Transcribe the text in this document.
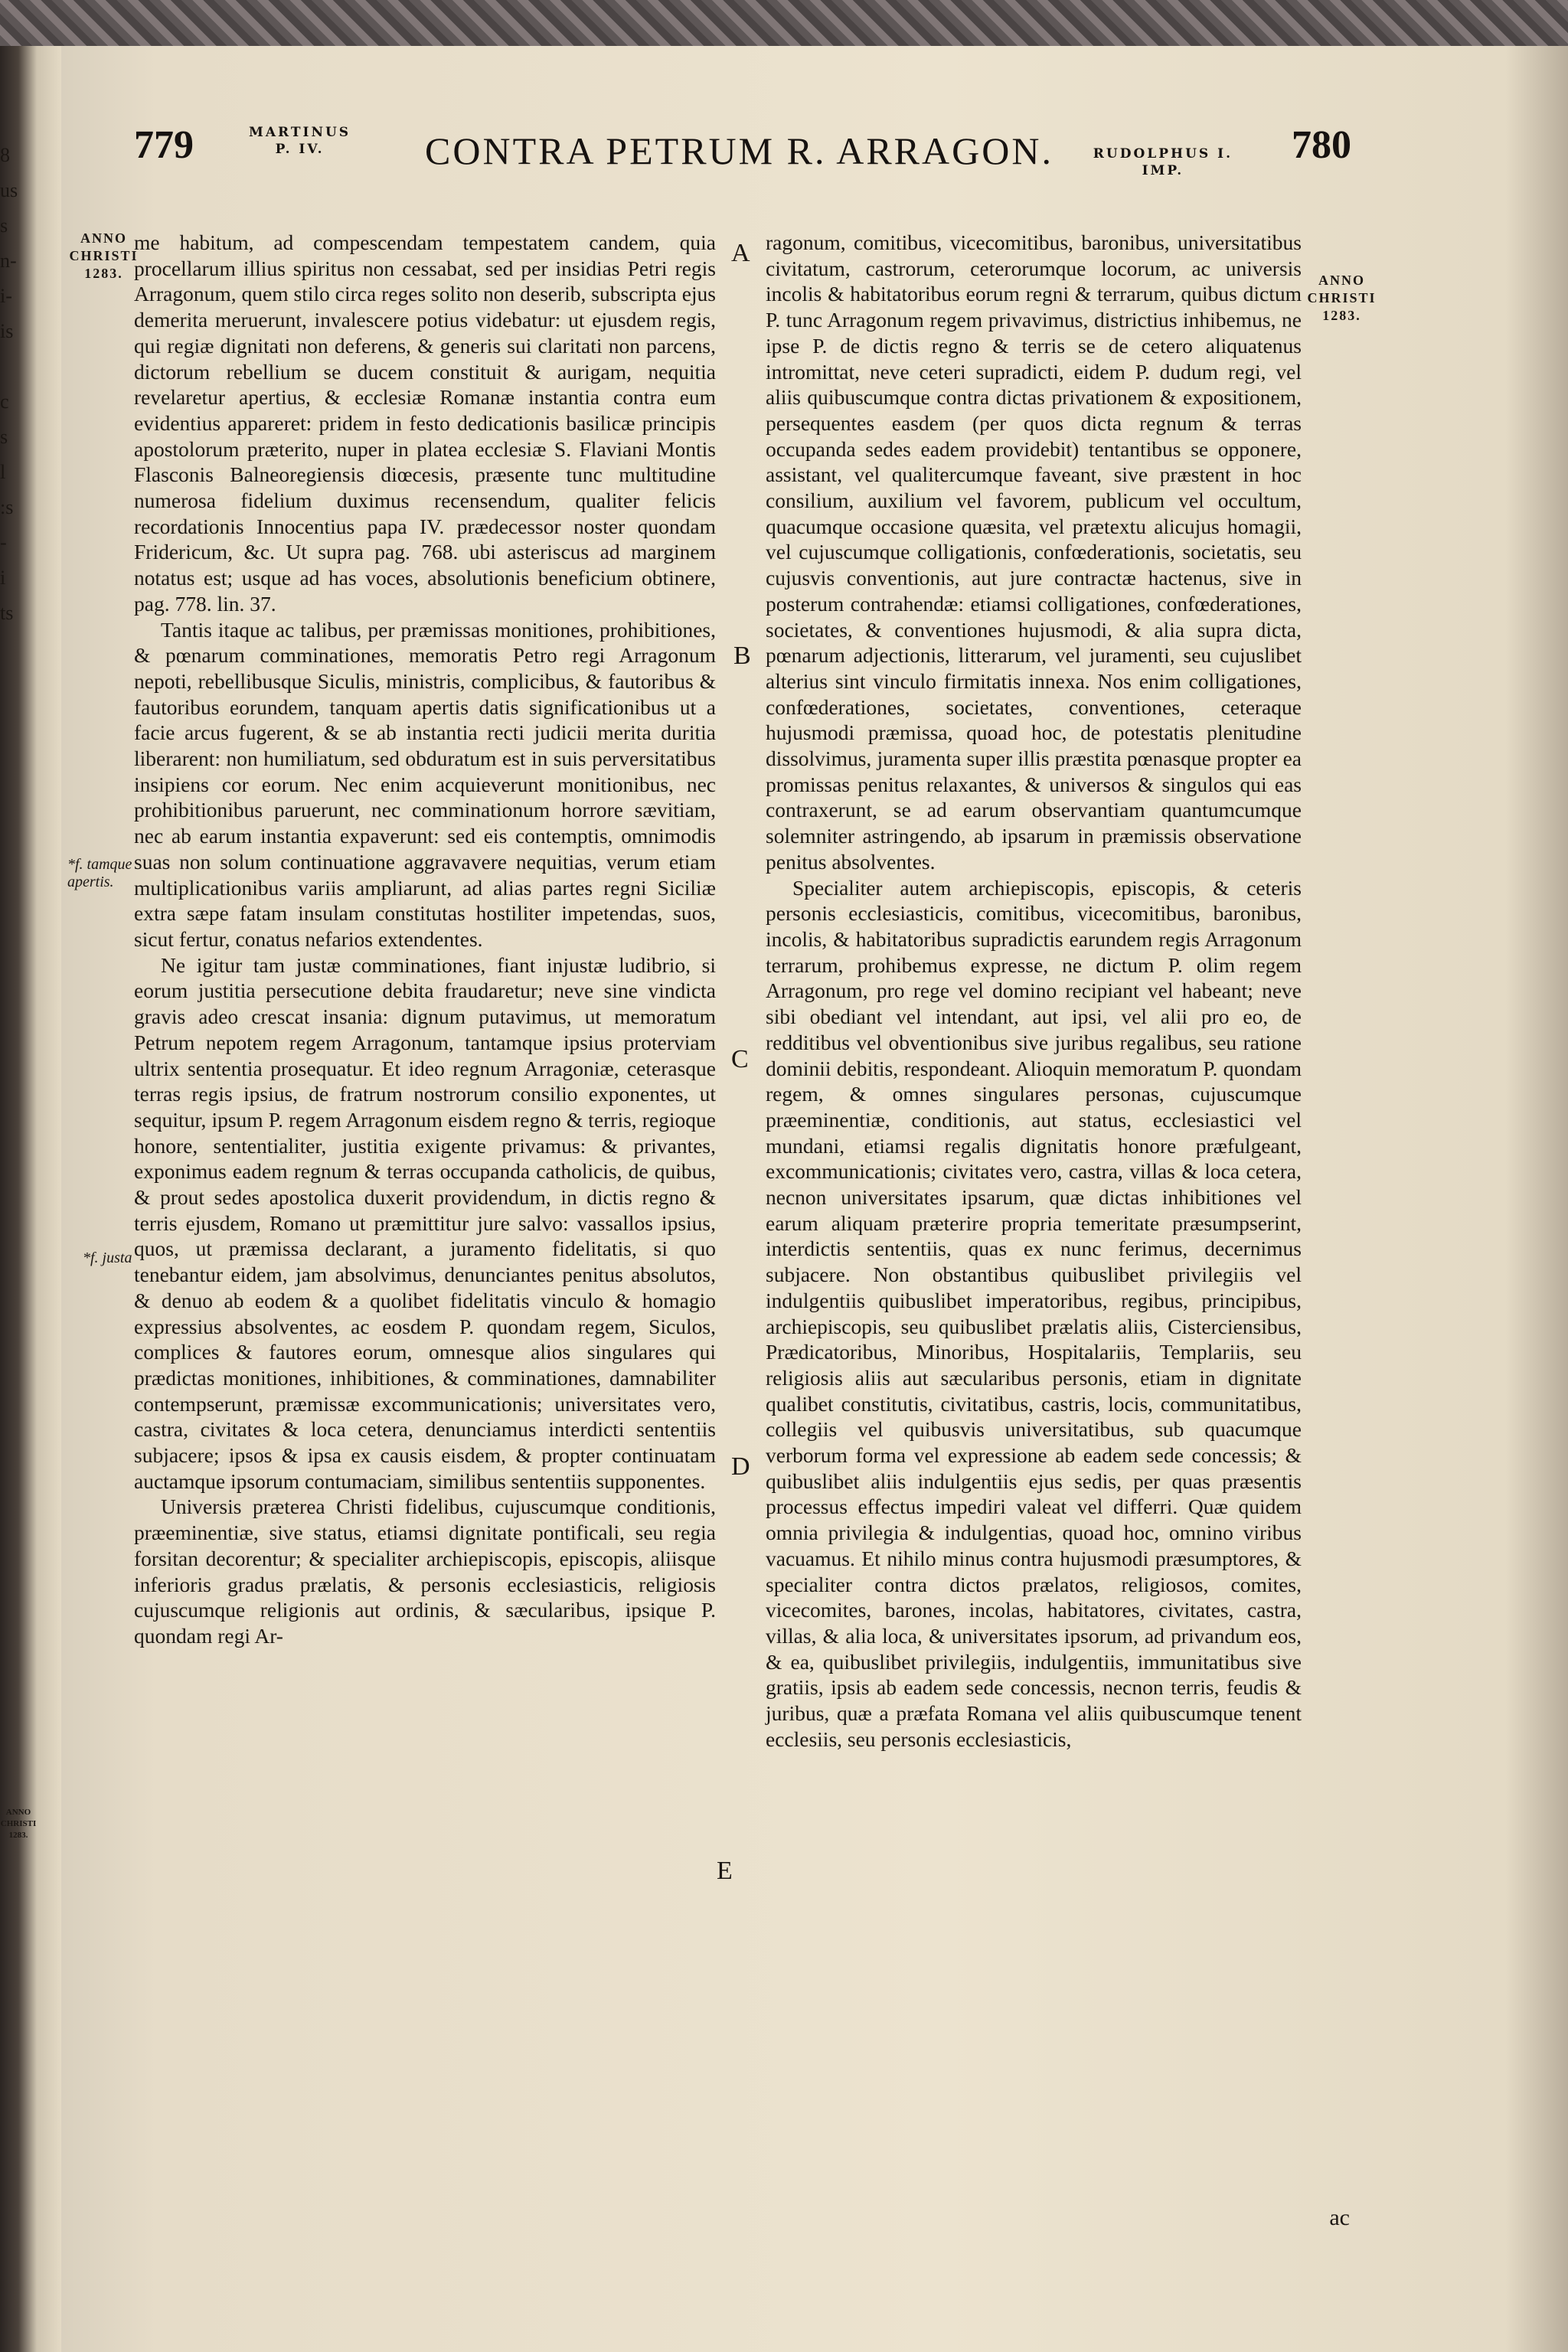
8
us
s
n-
i-
is

c
s
l
:s
-
i
ts
779	MARTINUS
P. IV.	CONTRA PETRUM R. ARRAGON.	RUDOLPHUS I.
IMP.
780
ANNO
CHRISTI
1283.	ANNO
CHRISTI
1283.
ANNO
CHRISTI
1283.
*f. tamque apertis.
*f. justa
A
B
C
D
E

me habitum, ad compescendam tempestatem candem, quia procellarum illius spiritus non cessabat, sed per insidias Petri regis Arragonum, quem stilo circa reges solito non deserib, subscripta ejus demerita meruerunt, invalescere potius videbatur: ut ejusdem regis, qui regiæ dignitati non deferens, & generis sui claritati non parcens, dictorum rebellium se ducem constituit & aurigam, nequitia revelaretur apertius, & ecclesiæ Romanæ instantia contra eum evidentius appareret: pridem in festo dedicationis basilicæ principis apostolorum præterito, nuper in platea ecclesiæ S. Flaviani Montis Flasconis Balneoregiensis diœcesis, præsente tunc multitudine numerosa fidelium duximus recensendum, qualiter felicis recordationis Innocentius papa IV. prædecessor noster quondam Fridericum, &c. Ut supra pag. 768. ubi asteriscus ad marginem notatus est; usque ad has voces, absolutionis beneficium obtinere, pag. 778. lin. 37.

Tantis itaque ac talibus, per præmissas monitiones, prohibitiones, & pœnarum comminationes, memoratis Petro regi Arragonum nepoti, rebellibusque Siculis, ministris, complicibus, & fautoribus & fautoribus eorundem, tanquam apertis datis significationibus ut a facie arcus fugerent, & se ab instantia recti judicii merita duritia liberarent: non humiliatum, sed obduratum est in suis perversitatibus insipiens cor eorum. Nec enim acquieverunt monitionibus, nec prohibitionibus paruerunt, nec comminationum horrore sævitiam, nec ab earum instantia expaverunt: sed eis contemptis, omnimodis suas non solum continuatione aggravavere nequitias, verum etiam multiplicationibus variis ampliarunt, ad alias partes regni Siciliæ extra sæpe fatam insulam constitutas hostiliter impetendas, suos, sicut fertur, conatus nefarios extendentes.

Ne igitur tam justæ comminationes, fiant injustæ ludibrio, si eorum justitia persecutione debita fraudaretur; neve sine vindicta gravis adeo crescat insania: dignum putavimus, ut memoratum Petrum nepotem regem Arragonum, tantamque ipsius proterviam ultrix sententia prosequatur. Et ideo regnum Arragoniæ, ceterasque terras regis ipsius, de fratrum nostrorum consilio exponentes, ut sequitur, ipsum P. regem Arragonum eisdem regno & terris, regioque honore, sententialiter, justitia exigente privamus: & privantes, exponimus eadem regnum & terras occupanda catholicis, de quibus, & prout sedes apostolica duxerit providendum, in dictis regno & terris ejusdem, Romano ut præmittitur jure salvo: vassallos ipsius, quos, ut præmissa declarant, a juramento fidelitatis, si quo tenebantur eidem, jam absolvimus, denunciantes penitus absolutos, & denuo ab eodem & a quolibet fidelitatis vinculo & homagio expressius absolventes, ac eosdem P. quondam regem, Siculos, complices & fautores eorum, omnesque alios singulares qui prædictas monitiones, inhibitiones, & comminationes, damnabiliter contempserunt, præmissæ excommunicationis; universitates vero, castra, civitates & loca cetera, denunciamus interdicti sententiis subjacere; ipsos & ipsa ex causis eisdem, & propter continuatam auctamque ipsorum contumaciam, similibus sententiis supponentes.

Universis præterea Christi fidelibus, cujuscumque conditionis, præeminentiæ, sive status, etiamsi dignitate pontificali, seu regia forsitan decorentur; & specialiter archiepiscopis, episcopis, aliisque inferioris gradus prælatis, & personis ecclesiasticis, religiosis cujuscumque religionis aut ordinis, & sæcularibus, ipsique P. quondam regi Ar-

ragonum, comitibus, vicecomitibus, baronibus, universitatibus civitatum, castrorum, ceterorumque locorum, ac universis incolis & habitatoribus eorum regni & terrarum, quibus dictum P. tunc Arragonum regem privavimus, districtius inhibemus, ne ipse P. de dictis regno & terris se de cetero aliquatenus intromittat, neve ceteri supradicti, eidem P. dudum regi, vel aliis quibuscumque contra dictas privationem & expositionem, persequentes easdem (per quos dicta regnum & terras occupanda sedes eadem providebit) tentantibus se opponere, assistant, vel qualitercumque faveant, sive præstent in hoc consilium, auxilium vel favorem, publicum vel occultum, quacumque occasione quæsita, vel prætextu alicujus homagii, vel cujuscumque colligationis, confœderationis, societatis, seu cujusvis conventionis, aut jure contractæ hactenus, sive in posterum contrahendæ: etiamsi colligationes, confœderationes, societates, & conventiones hujusmodi, & alia supra dicta, pœnarum adjectionis, litterarum, vel juramenti, seu cujuslibet alterius sint vinculo firmitatis innexa. Nos enim colligationes, confœderationes, societates, conventiones, ceteraque hujusmodi præmissa, quoad hoc, de potestatis plenitudine dissolvimus, juramenta super illis præstita pœnasque propter ea promissas penitus relaxantes, & universos & singulos qui eas contraxerunt, se ad earum observantiam quantumcumque solemniter astringendo, ab ipsarum in præmissis observatione penitus absolventes.

Specialiter autem archiepiscopis, episcopis, & ceteris personis ecclesiasticis, comitibus, vicecomitibus, baronibus, incolis, & habitatoribus supradictis earundem regis Arragonum terrarum, prohibemus expresse, ne dictum P. olim regem Arragonum, pro rege vel domino recipiant vel habeant; neve sibi obediant vel intendant, aut ipsi, vel alii pro eo, de redditibus vel obventionibus sive juribus regalibus, seu ratione dominii debitis, respondeant. Alioquin memoratum P. quondam regem, & omnes singulares personas, cujuscumque præeminentiæ, conditionis, aut status, ecclesiastici vel mundani, etiamsi regalis dignitatis honore præfulgeant, excommunicationis; civitates vero, castra, villas & loca cetera, necnon universitates ipsarum, quæ dictas inhibitiones vel earum aliquam præterire propria temeritate præsumpserint, interdictis sententiis, quas ex nunc ferimus, decernimus subjacere. Non obstantibus quibuslibet privilegiis vel indulgentiis quibuslibet imperatoribus, regibus, principibus, archiepiscopis, seu quibuslibet prælatis aliis, Cisterciensibus, Prædicatoribus, Minoribus, Hospitalariis, Templariis, seu religiosis aliis aut sæcularibus personis, etiam in dignitate qualibet constitutis, civitatibus, castris, locis, communitatibus, collegiis vel quibusvis universitatibus, sub quacumque verborum forma vel expressione ab eadem sede concessis; & quibuslibet aliis indulgentiis ejus sedis, per quas præsentis processus effectus impediri valeat vel differri. Quæ quidem omnia privilegia & indulgentias, quoad hoc, omnino viribus vacuamus. Et nihilo minus contra hujusmodi præsumptores, & specialiter contra dictos prælatos, religiosos, comites, vicecomites, barones, incolas, habitatores, civitates, castra, villas, & alia loca, & universitates ipsorum, ad privandum eos, & ea, quibuslibet privilegiis, indulgentiis, immunitatibus sive gratiis, ipsis ab eadem sede concessis, necnon terris, feudis & juribus, quæ a præfata Romana vel aliis quibuscumque tenent ecclesiis, seu personis ecclesiasticis,

ac
